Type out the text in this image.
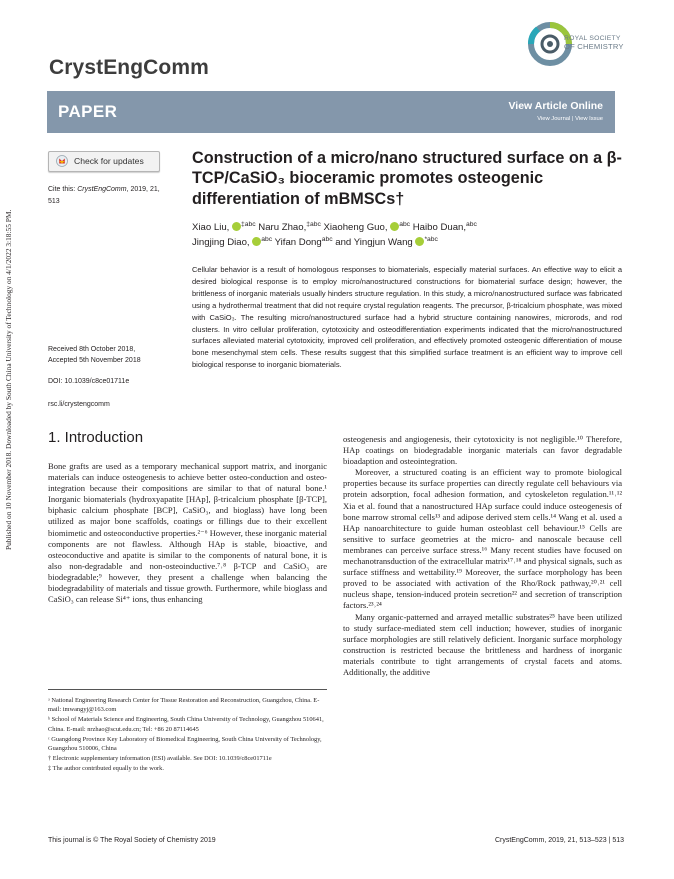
Published on 10 November 2018. Downloaded by South China University of Technology on 4/1/2022 3:18:55 PM.
CrystEngComm
ROYAL SOCIETY
OF CHEMISTRY
PAPER	View Article Online
View Journal | View Issue
Check for updates
Cite this: CrystEngComm, 2019, 21,
513
Construction of a micro/nano structured surface on a β-TCP/CaSiO₃ bioceramic promotes osteogenic differentiation of mBMSCs†
Xiao Liu, $^{\ddagger abc}$ Naru Zhao,$^{\ddagger abc}$ Xiaoheng Guo, $^{abc}$ Haibo Duan,$^{abc}$
Jingjing Diao, $^{abc}$ Yifan Dong$^{abc}$ and Yingjun Wang $^{*abc}$
Cellular behavior is a result of homologous responses to biomaterials, especially material surfaces. An effective way to elicit a desired biological response is to employ micro/nanostructured constructions for biomaterial surface design; however, the brittleness of inorganic materials usually hinders structure regulation. In this study, a micro/nanostructured surface was fabricated using a hydrothermal treatment that did not require crystal regulation reagents. The precursor, β-tricalcium phosphate, was mixed with CaSiO₃. The resulting micro/nanostructured surface had a hybrid structure containing nanowires, microrods, and rod clusters. In vitro cellular proliferation, cytotoxicity and osteodifferentiation experiments indicated that the micro/nanostructured surfaces alleviated material cytotoxicity, improved cell proliferation, and effectively promoted osteogenic differentiation of mouse bone mesenchymal stem cells. These results suggest that this simplified surface treatment is an efficient way to improve cell biological response to inorganic biomaterials.
Received 8th October 2018,
Accepted 5th November 2018
DOI: 10.1039/c8ce01711e
rsc.li/crystengcomm
1. Introduction

Bone grafts are used as a temporary mechanical support matrix, and inorganic materials can induce osteogenesis to achieve better osteo-conduction and osteo-integration because their compositions are similar to that of natural bone.¹ Inorganic biomaterials (hydroxyapatite [HAp], β-tricalcium phosphate [β-TCP], biphasic calcium phosphate [BCP], CaSiO₃, and bioglass) have long been utilized as major bone scaffolds, coatings or fillings due to their excellent biomimetic and osteoconductive properties.²⁻⁶ However, these inorganic material components are not flawless. Although HAp is stable, bioactive, and osteoconductive and apatite is similar to the components of natural bone, it is also non-degradable and non-osteoinductive.⁷˒⁸ β-TCP and CaSiO₃ are biodegradable;⁹ however, they present a challenge when balancing the biodegradability of materials and tissue growth. Furthermore, while bioglass and CaSiO₃ can release Si⁴⁺ ions, thus enhancing

osteogenesis and angiogenesis, their cytotoxicity is not negligible.¹⁰ Therefore, HAp coatings on biodegradable inorganic materials can favor degradable bioadaption and osteointegration.

Moreover, a structured coating is an efficient way to promote biological properties because its surface properties can directly regulate cell behaviours via protein adsorption, focal adhesion formation, and cytoskeleton regulation.¹¹˒¹² Xia et al. found that a nanostructured HAp surface could induce osteogenesis of bone marrow stromal cells¹³ and adipose derived stem cells.¹⁴ Wang et al. used a HAp nanoarchitecture to guide human osteoblast cell behaviour.¹⁵ Cells are sensitive to surface geometries at the micro- and nanoscale because cell membranes can perceive surface stress.¹⁶ Many recent studies have focused on mechanotransduction of the extracellular matrix¹⁷˒¹⁸ and physical signals, such as surface stiffness and wettability.¹⁹ Moreover, the surface morphology has been proved to be associated with activation of the Rho/Rock pathway,²⁰˒²¹ cell nucleus shape, tension-induced protein secretion²² and secretion of transcription factors.²³˒²⁴

Many organic-patterned and arrayed metallic substrates²⁵ have been utilized to study surface-mediated stem cell induction; however, studies of inorganic surface morphologies are still relatively deficient. Inorganic surface morphology construction is restricted because the brittleness and hardness of inorganic materials contribute to tight arrangements of crystal facets and atoms. Additionally, the additive

ᵃ National Engineering Research Center for Tissue Restoration and Reconstruction, Guangzhou, China. E-mail: imwangyj@163.com

ᵇ School of Materials Science and Engineering, South China University of Technology, Guangzhou 510641, China. E-mail: nrzhao@scut.edu.cn; Tel: +86 20 87114645

ᶜ Guangdong Province Key Laboratory of Biomedical Engineering, South China University of Technology, Guangzhou 510006, China

† Electronic supplementary information (ESI) available. See DOI: 10.1039/c8ce01711e

‡ The author contributed equally to the work.

This journal is © The Royal Society of Chemistry 2019	CrystEngComm, 2019, 21, 513–523 | 513
